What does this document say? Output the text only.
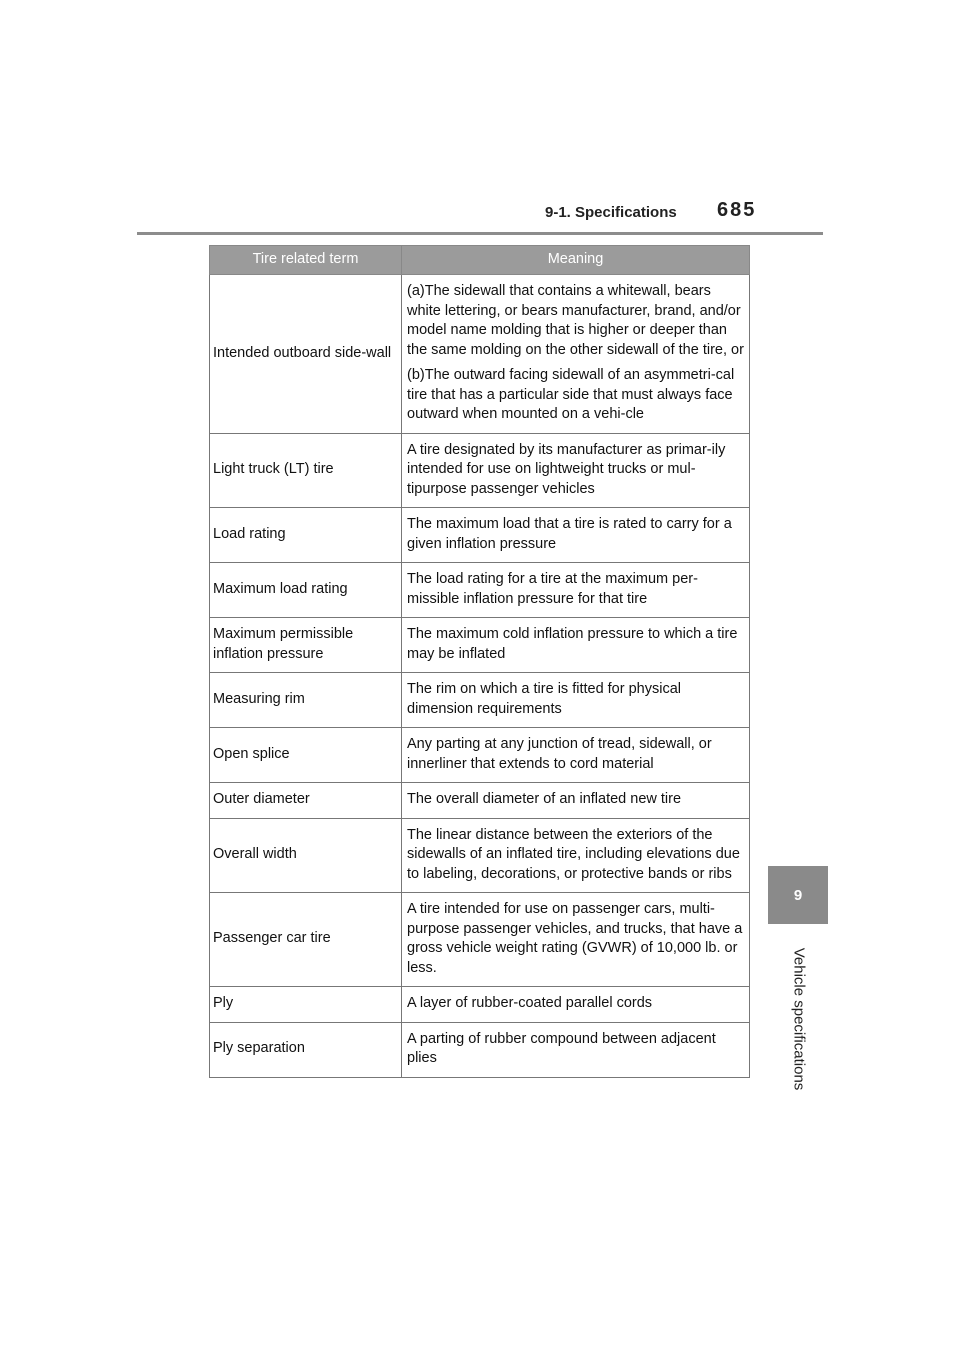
9-1. Specifications 685
9
Vehicle specifications
Tire related term	Meaning
Intended outboard side-wall	(a)The sidewall that contains a whitewall, bears white lettering, or bears manufacturer, brand, and/or model name molding that is higher or deeper than the same molding on the other sidewall of the tire, or

(b)The outward facing sidewall of an asymmetri-cal tire that has a particular side that must always face outward when mounted on a vehi-cle

Light truck (LT) tire	A tire designated by its manufacturer as primar-ily intended for use on lightweight trucks or mul-tipurpose passenger vehicles

Load rating	The maximum load that a tire is rated to carry for a given inflation pressure

Maximum load rating	The load rating for a tire at the maximum per-missible inflation pressure for that tire

Maximum permissible inflation pressure	The maximum cold inflation pressure to which a tire may be inflated

Measuring rim	The rim on which a tire is fitted for physical dimension requirements

Open splice	Any parting at any junction of tread, sidewall, or innerliner that extends to cord material

Outer diameter	The overall diameter of an inflated new tire

Overall width	The linear distance between the exteriors of the sidewalls of an inflated tire, including elevations due to labeling, decorations, or protective bands or ribs

Passenger car tire	A tire intended for use on passenger cars, multi-purpose passenger vehicles, and trucks, that have a gross vehicle weight rating (GVWR) of 10,000 lb. or less.

Ply	A layer of rubber-coated parallel cords

Ply separation	A parting of rubber compound between adjacent plies
